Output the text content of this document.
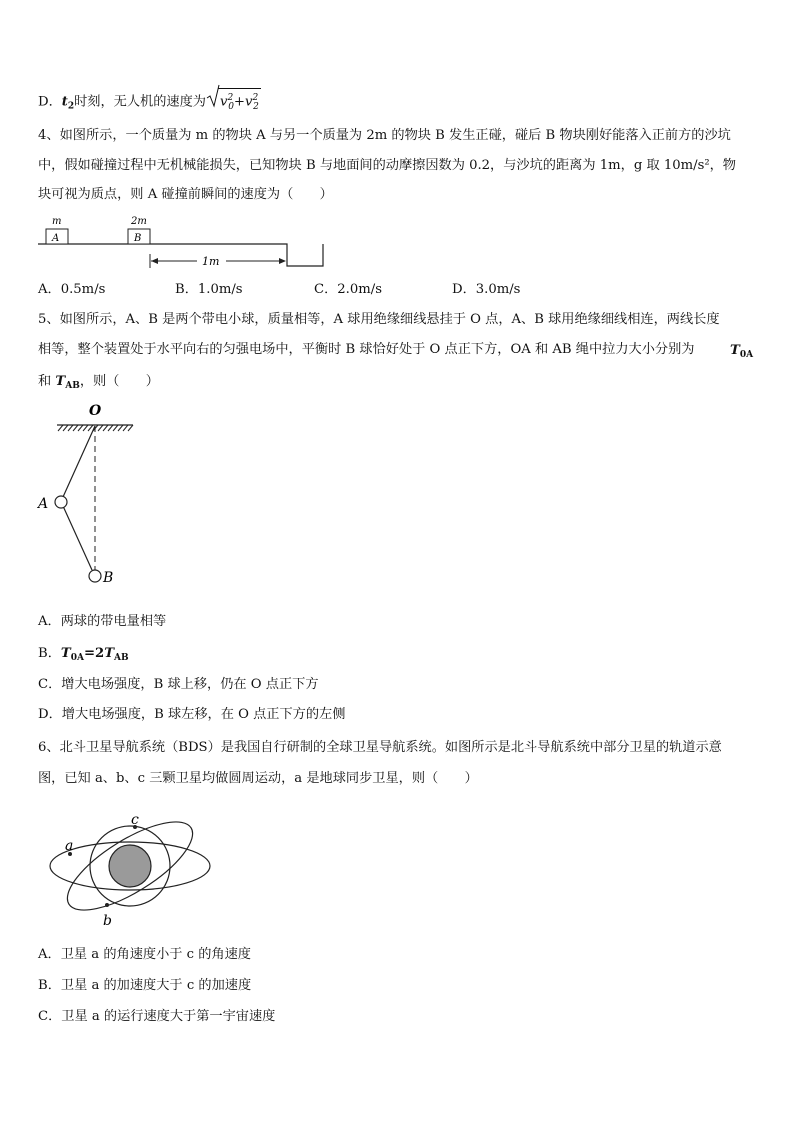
D．$t_2$时刻，无人机的速度为 $v^2_0+v^2_2$
4、如图所示，一个质量为 m 的物块 A 与另一个质量为 2m 的物块 B 发生正碰，碰后 B 物块刚好能落入正前方的沙坑
中，假如碰撞过程中无机械能损失，已知物块 B 与地面间的动摩擦因数为 0.2，与沙坑的距离为 1m，g 取 10m/s²，物
块可视为质点，则 A 碰撞前瞬间的速度为（　　）
m
A
2m
B
1m
A．0.5m/s	B．1.0m/s	C．2.0m/s	D．3.0m/s
5、如图所示，A、B 是两个带电小球，质量相等，A 球用绝缘细线悬挂于 O 点，A、B 球用绝缘细线相连，两线长度
相等，整个装置处于水平向右的匀强电场中，平衡时 B 球恰好处于 O 点正下方，OA 和 AB 绳中拉力大小分别为	$T_{0A}$
和 $T_{AB}$，则（　　）
O
A
B
A．两球的带电量相等
B．$T_{0A}=2T_{AB}$
C．增大电场强度，B 球上移，仍在 O 点正下方
D．增大电场强度，B 球左移，在 O 点正下方的左侧
6、北斗卫星导航系统（BDS）是我国自行研制的全球卫星导航系统。如图所示是北斗导航系统中部分卫星的轨道示意
图，已知 a、b、c 三颗卫星均做圆周运动，a 是地球同步卫星，则（　　）
a
c
b
A．卫星 a 的角速度小于 c 的角速度
B．卫星 a 的加速度大于 c 的加速度
C．卫星 a 的运行速度大于第一宇宙速度
